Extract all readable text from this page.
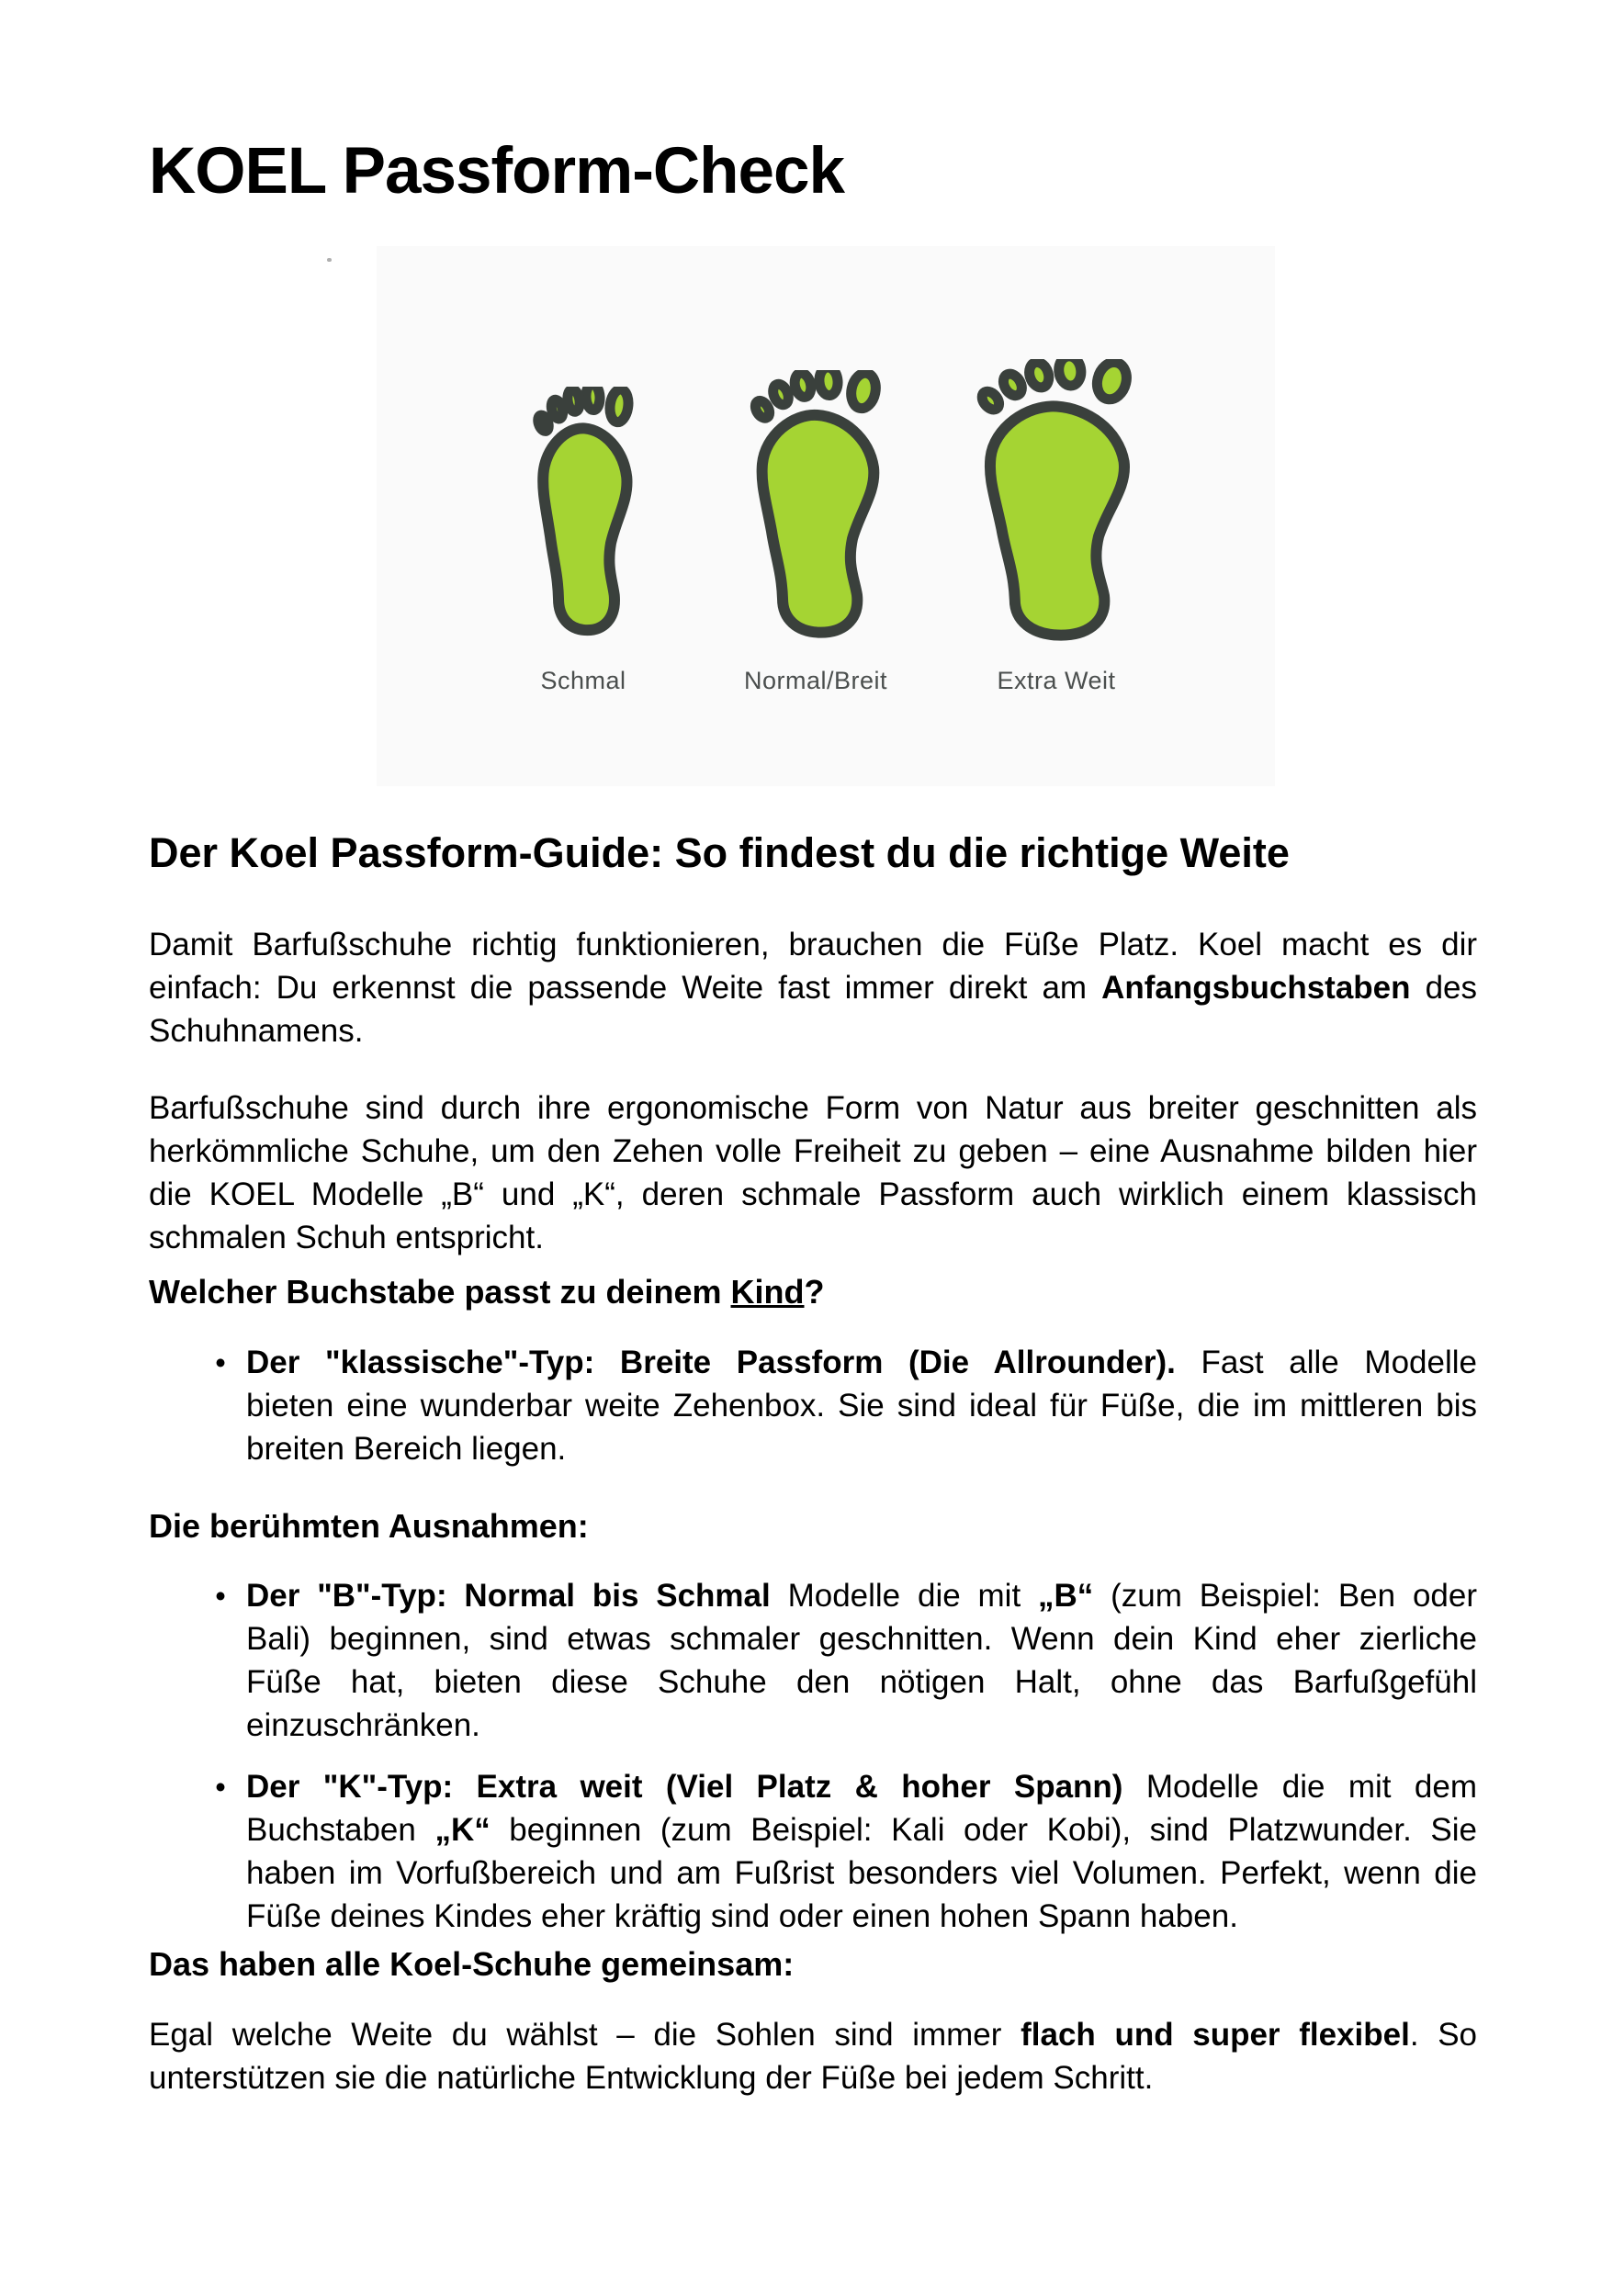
KOEL Passform-Check
Schmal	Normal/Breit	Extra Weit
Der Koel Passform-Guide: So findest du die richtige Weite
Damit Barfußschuhe richtig funktionieren, brauchen die Füße Platz. Koel macht es dir
einfach: Du erkennst die passende Weite fast immer direkt am Anfangsbuchstaben des
Schuhnamens.
Barfußschuhe sind durch ihre ergonomische Form von Natur aus breiter geschnitten als
herkömmliche Schuhe, um den Zehen volle Freiheit zu geben – eine Ausnahme bilden hier
die KOEL Modelle „B“ und „K“, deren schmale Passform auch wirklich einem klassisch
schmalen Schuh entspricht.
Welcher Buchstabe passt zu deinem Kind?
• Der "klassische"-Typ: Breite Passform (Die Allrounder). Fast alle Modelle
bieten eine wunderbar weite Zehenbox. Sie sind ideal für Füße, die im mittleren bis
breiten Bereich liegen.
Die berühmten Ausnahmen:
• Der "B"-Typ: Normal bis Schmal Modelle die mit „B“ (zum Beispiel: Ben oder
Bali) beginnen, sind etwas schmaler geschnitten. Wenn dein Kind eher zierliche
Füße hat, bieten diese Schuhe den nötigen Halt, ohne das Barfußgefühl
einzuschränken.
• Der "K"-Typ: Extra weit (Viel Platz & hoher Spann) Modelle die mit dem
Buchstaben „K“ beginnen (zum Beispiel: Kali oder Kobi), sind Platzwunder. Sie
haben im Vorfußbereich und am Fußrist besonders viel Volumen. Perfekt, wenn die
Füße deines Kindes eher kräftig sind oder einen hohen Spann haben.
Das haben alle Koel-Schuhe gemeinsam:
Egal welche Weite du wählst – die Sohlen sind immer flach und super flexibel. So
unterstützen sie die natürliche Entwicklung der Füße bei jedem Schritt.
